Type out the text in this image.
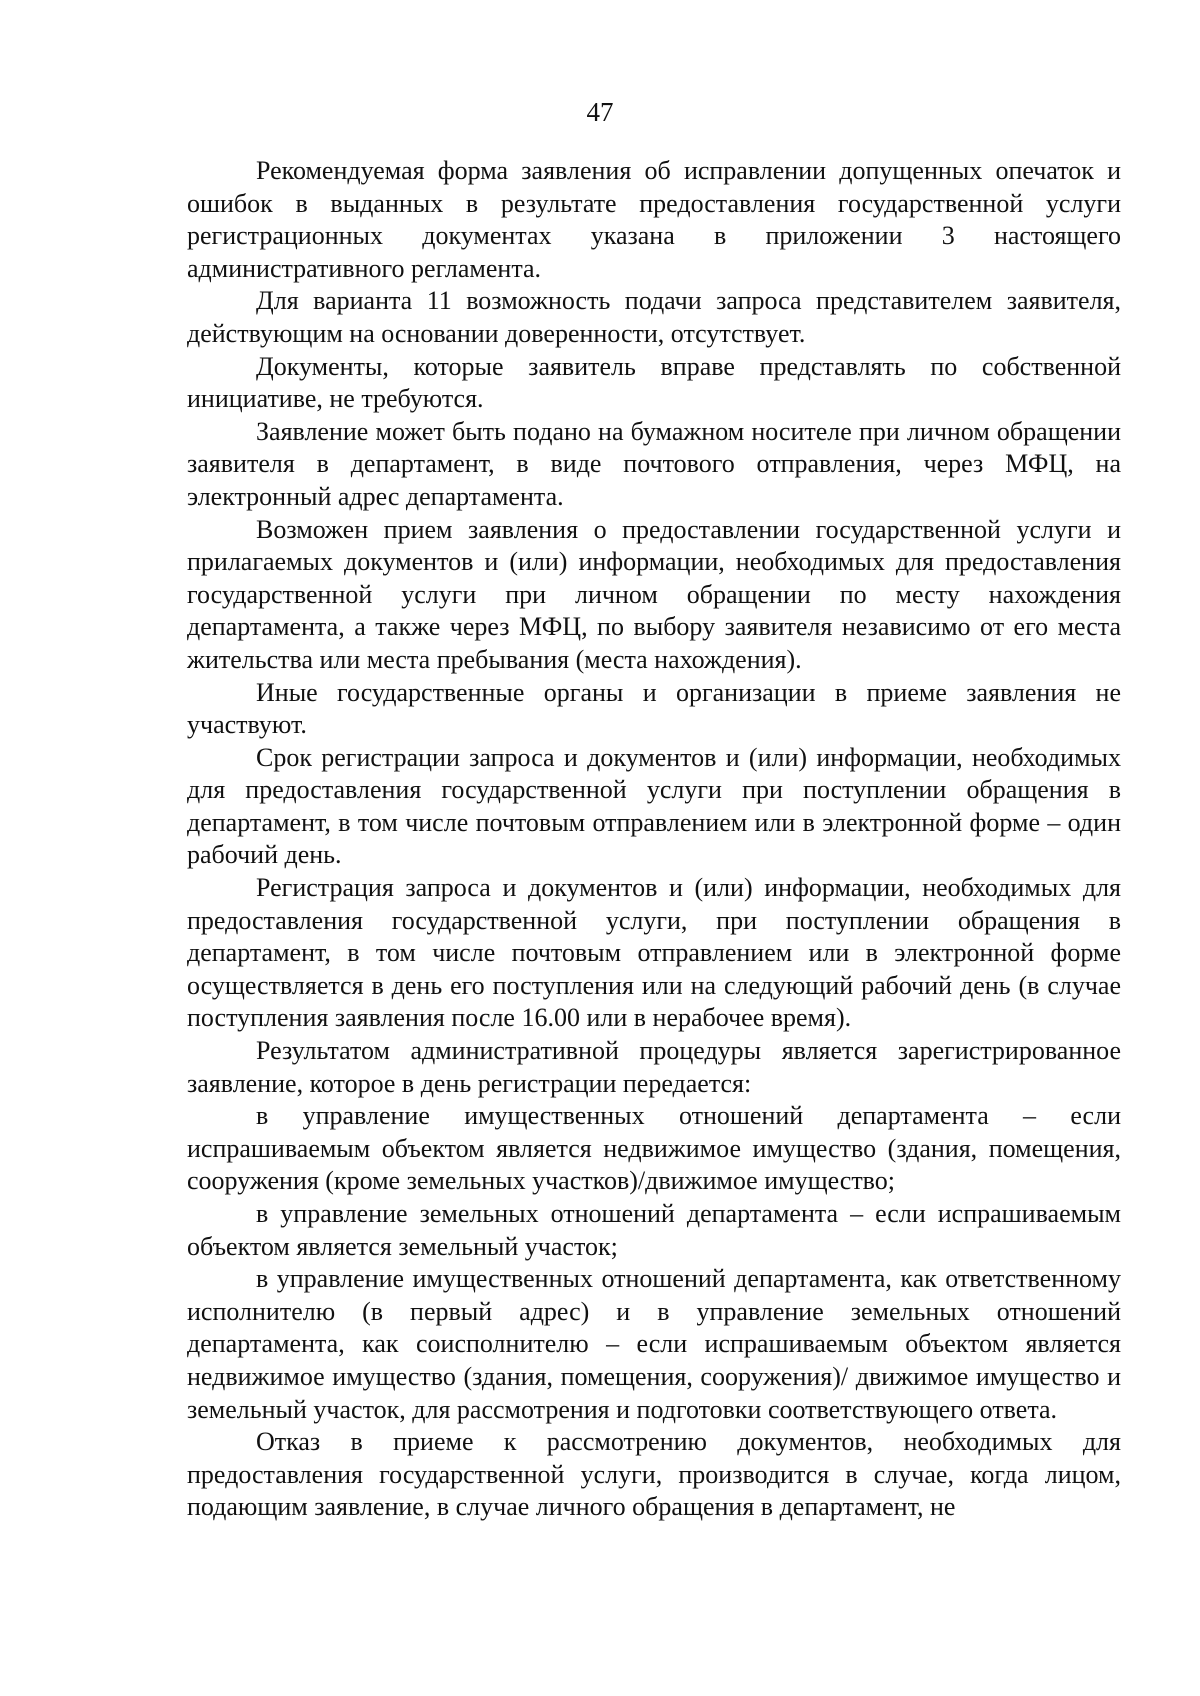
47

Рекомендуемая форма заявления об исправлении допущенных опечаток и ошибок в выданных в результате предоставления государственной услуги регистрационных документах указана в приложении 3 настоящего административного регламента.

Для варианта 11 возможность подачи запроса представителем заявителя, действующим на основании доверенности, отсутствует.

Документы, которые заявитель вправе представлять по собственной инициативе, не требуются.

Заявление может быть подано на бумажном носителе при личном обращении заявителя в департамент, в виде почтового отправления, через МФЦ, на электронный адрес департамента.

Возможен прием заявления о предоставлении государственной услуги и прилагаемых документов и (или) информации, необходимых для предоставления государственной услуги при личном обращении по месту нахождения департамента, а также через МФЦ, по выбору заявителя независимо от его места жительства или места пребывания (места нахождения).

Иные государственные органы и организации в приеме заявления не участвуют.

Срок регистрации запроса и документов и (или) информации, необходимых для предоставления государственной услуги при поступлении обращения в департамент, в том числе почтовым отправлением или в электронной форме – один рабочий день.

Регистрация запроса и документов и (или) информации, необходимых для предоставления государственной услуги, при поступлении обращения в департамент, в том числе почтовым отправлением или в электронной форме осуществляется в день его поступления или на следующий рабочий день (в случае поступления заявления после 16.00 или в нерабочее время).

Результатом административной процедуры является зарегистрированное заявление, которое в день регистрации передается:

в управление имущественных отношений департамента – если испрашиваемым объектом является недвижимое имущество (здания, помещения, сооружения (кроме земельных участков)/движимое имущество;

в управление земельных отношений департамента – если испрашиваемым объектом является земельный участок;

в управление имущественных отношений департамента, как ответственному исполнителю (в первый адрес) и в управление земельных отношений департамента, как соисполнителю – если испрашиваемым объектом является недвижимое имущество (здания, помещения, сооружения)/ движимое имущество и земельный участок, для рассмотрения и подготовки соответствующего ответа.

Отказ в приеме к рассмотрению документов, необходимых для предоставления государственной услуги, производится в случае, когда лицом, подающим заявление, в случае личного обращения в департамент, не
